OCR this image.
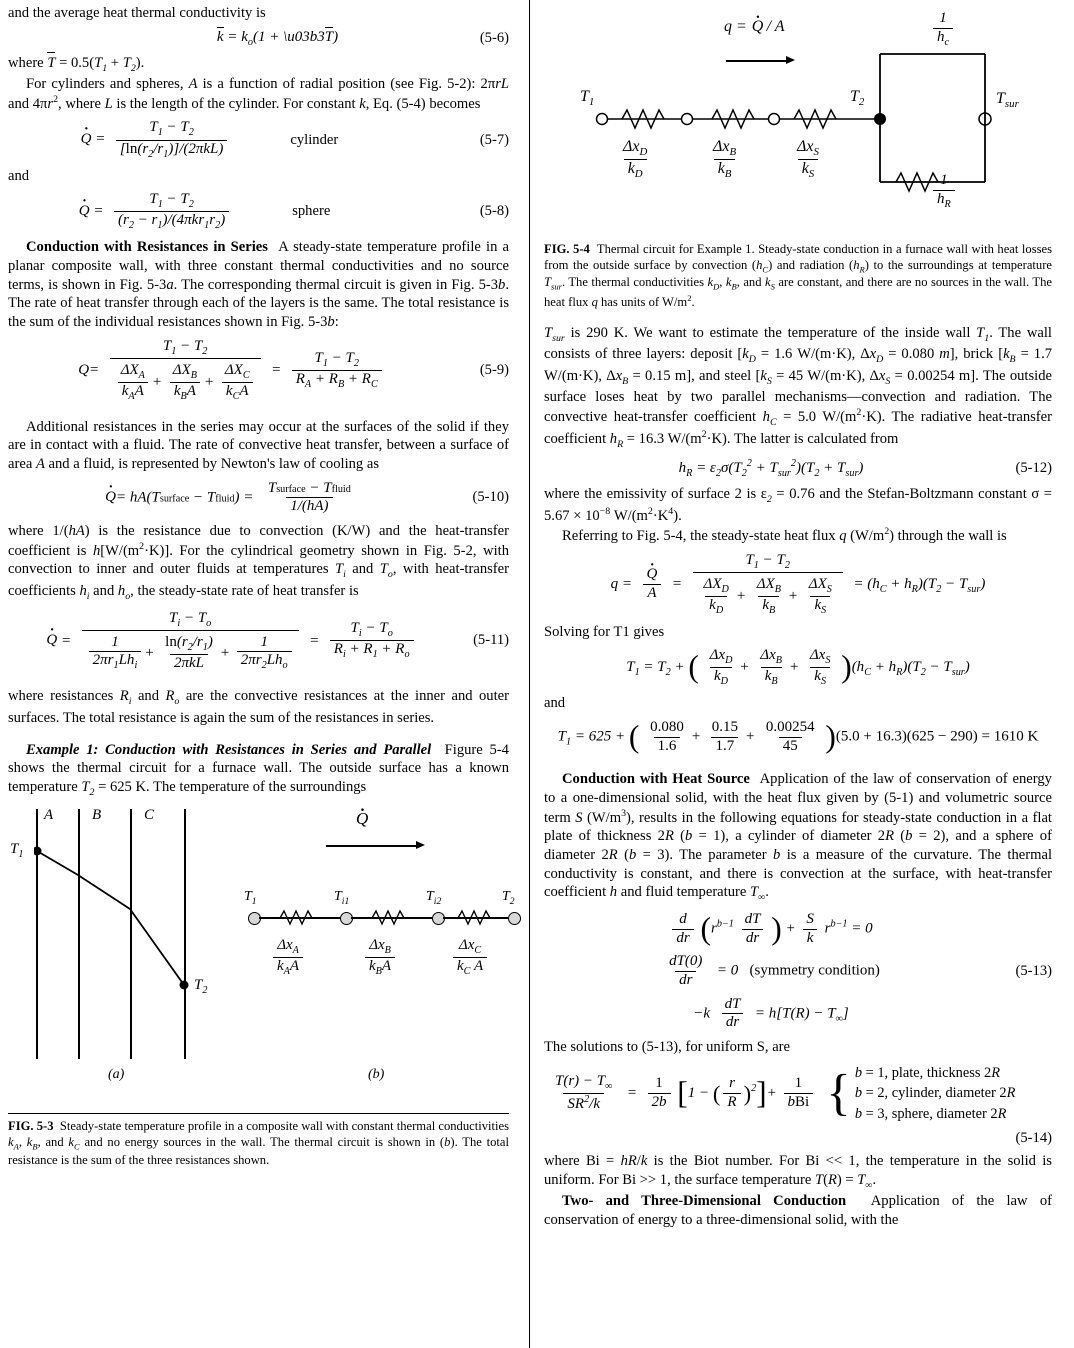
and the average heat thermal conductivity is

$k = k_o(1$ + \u03b3T)	(5-6)

where $T = 0.5(T_1 + T_2)$.

For cylinders and spheres, A is a function of radial position (see Fig. 5-2): 2πrL and $4\pi r^2$, where L is the length of the cylinder. For constant k, Eq. (5-4) becomes

· $Q = \frac{T_1 - T_2}{[\ln(r_2/r_1)]/(2\pi kL)}$	cylinder	(5-7)

and

· $Q = \frac{T_1 - T_2}{(r_2 - r_1)/(4\pi kr_1r_2)}$	sphere	(5-8)

Conduction with Resistances in Series  A steady-state temperature profile in a planar composite wall, with three constant thermal conductivities and no source terms, is shown in Fig. 5-3a. The corresponding thermal circuit is given in Fig. 5-3b. The rate of heat transfer through each of the layers is the same. The total resistance is the sum of the individual resistances shown in Fig. 5-3b:

$Q= \frac{T_1 - T_2}{\frac{\Delta X_A}{k_AA} + \frac{\Delta X_B}{k_BA} + \frac{\Delta X_C}{k_CA}} = \frac{T_1 - T_2}{R_A + R_B + R_C}$	(5-9)

Additional resistances in the series may occur at the surfaces of the solid if they are in contact with a fluid. The rate of convective heat transfer, between a surface of area A and a fluid, is represented by Newton's law of cooling as

· Q= hA(Tsurface − Tfluid) = $\frac{\text{Tsurface − Tfluid}}{1/(hA)}$	(5-10)

where 1/(hA) is the resistance due to convection (K/W) and the heat-transfer coefficient is $h[W/(m^2\cdot K)]$. For the cylindrical geometry shown in Fig. 5-2, with convection to inner and outer fluids at temperatures $T_i$ and $T_o$, with heat-transfer coefficients $h_i$ and $h_o$, the steady-state rate of heat transfer is

· Q =
$T_i - T_o$
$\frac{1}{2\pi r_1Lh_i} + \frac{\ln(r_2/r_1)}{\text{2πkL}} + \frac{1}{2\pi r_2Lh_o} = \frac{T_i - T_o}{R_i + R_1 + R_o}$	(5-11)

where resistances $R_i$ and $R_o$ are the convective resistances at the inner and outer surfaces. The total resistance is again the sum of the resistances in series.

Example 1: Conduction with Resistances in Series and Parallel  Figure 5-4 shows the thermal circuit for a furnace wall. The outside surface has a known temperature $T_2 = 625$ K. The temperature of the surroundings

A	B	C
$T_1$
$T_2$
(a)
· Q
$T_1$	$T_{i1}$	$T_{i2}$	$T_2$
$\frac{\Delta x_A}{k_AA}$	$\frac{\Delta x_B}{k_BA}$	$\frac{\Delta x_C}{k_C A}$
(b)

FIG. 5-3 Steady-state temperature profile in a composite wall with constant thermal conductivities $k_A$, $k_B$, and $k_C$ and no energy sources in the wall. The thermal circuit is shown in (b). The total resistance is the sum of the three resistances shown.

q = · Q / A	$\frac{1}{h_c}$
$\frac{1}{h_R}$
$T_1$	$T_2$	$T_{sur}$
$\frac{\Delta x_D}{k_D}$	$\frac{\Delta x_B}{k_B}$	$\frac{\Delta x_S}{k_S}$

FIG. 5-4 Thermal circuit for Example 1. Steady-state conduction in a furnace wall with heat losses from the outside surface by convection $(h_C)$ and radiation $(h_R)$ to the surroundings at temperature $T_{sur}$. The thermal conductivities $k_D$, $k_B$, and $k_S$ are constant, and there are no sources in the wall. The heat flux q has units of $W/m^2$.

$T_{sur}$ is 290 K. We want to estimate the temperature of the inside wall $T_1$. The wall consists of three layers: deposit [$k_D = 1.6$ W/(m·K), $\Delta x_D = 0.080$ m], brick [$k_B = 1.7$ W/(m·K), $\Delta x_B = 0.15$ m], and steel [$k_S = 45$ W/(m·K), $\Delta x_S = 0.00254$ m]. The outside surface loses heat by two parallel mechanisms—convection and radiation. The convective heat-transfer coefficient $h_C = 5.0$ $W/(m^2\cdot K)$. The radiative heat-transfer coefficient $h_R = 16.3$ $W/(m^2\cdot K)$. The latter is calculated from

$h_R = \varepsilon_2\sigma(T_2^2 + T_{sur}^2)(T_2 + T_{sur})$	(5-12)

where the emissivity of surface 2 is $\varepsilon_2 = 0.76$ and the Stefan-Boltzmann constant $\sigma = 5.67 \times 10^{-8}$ $W/(m^2\cdot K^4)$.

Referring to Fig. 5-4, the steady-state heat flux q $(W/m^2)$ through the wall is

q = · $\frac{Q}{A} = \frac{T_1 - T_2}{\frac{\Delta X_D}{k_D} + \frac{\Delta X_B}{k_B} + \frac{\Delta X_S}{k_S}} = (h_C + h_R)(T_2 - T_{sur})$

Solving for T1 gives

$T_1 = T_2$ + ( $\frac{\Delta x_D}{k_D} + \frac{\Delta x_B}{k_B} + \frac{\Delta x_S}{k_S} )(h_C + h_R)(T_2 - T_{sur})$

and

$T_1 = 625$ + ( $\frac{0.080}{1.6} + \frac{0.15}{1.7} + \frac{0.00254}{45} )(5.0 + 16.3)(625 - 290) = 1610$ K

Conduction with Heat Source  Application of the law of conservation of energy to a one-dimensional solid, with the heat flux given by (5-1) and volumetric source term S $(W/m^3)$, results in the following equations for steady-state conduction in a flat plate of thickness 2R (b = 1), a cylinder of diameter 2R (b = 2), and a sphere of diameter 2R (b = 3). The parameter b is a measure of the curvature. The thermal conductivity is constant, and there is convection at the surface, with heat-transfer coefficient h and fluid temperature $T_\infty$.

$\frac{d}{dr} (r^{b-1} \frac{dT}{dr}$ ) + $\frac{S}{k} r^{b-1} = 0$
$\frac{dT(0)}{dr} = 0$   (symmetry condition)	(5-13)
$-k \frac{dT}{dr} = h[T(R) - T_\infty]$

The solutions to (5-13), for uniform S, are

$\frac{T(r) - T_\infty}{SR^2/k} = \frac{1}{2b} [1$ − ( $\frac{r}{R} )^2]+ \frac{1}{\text{bBi}}$ { b = 1, plate, thickness 2R
b = 2, cylinder, diameter 2R
b = 3, sphere, diameter 2R
(5-14)

where Bi = hR/k is the Biot number. For Bi << 1, the temperature in the solid is uniform. For Bi >> 1, the surface temperature $T(R) = T_\infty$.

Two- and Three-Dimensional Conduction  Application of the law of conservation of energy to a three-dimensional solid, with the
